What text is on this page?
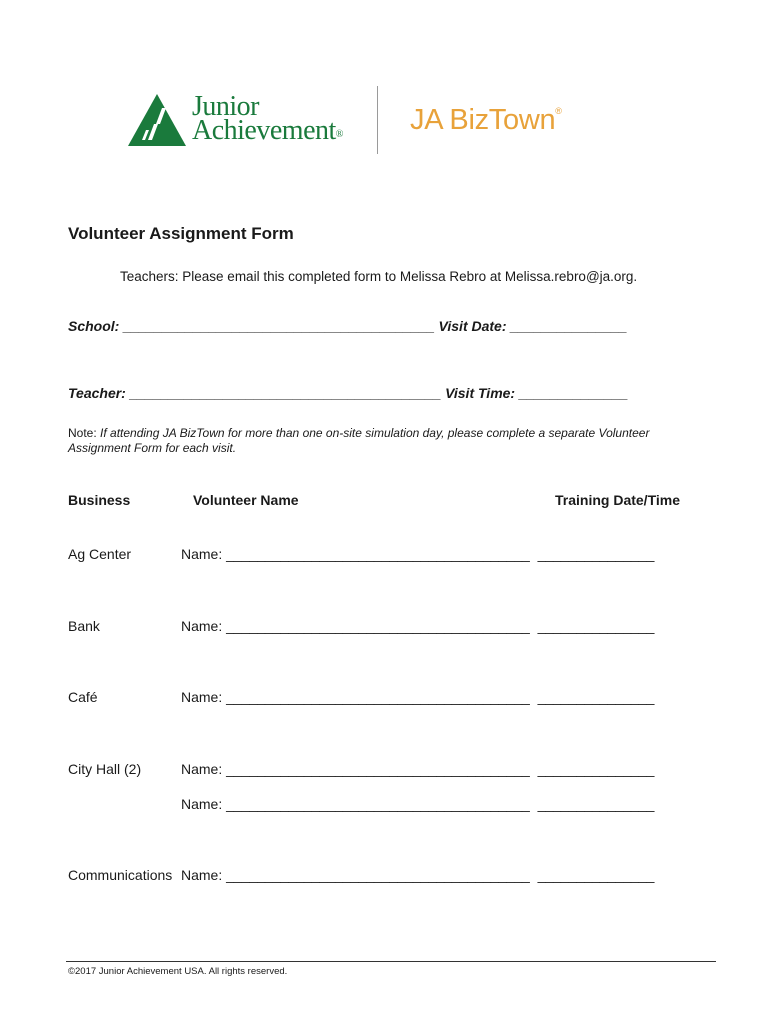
Junior
Achievement® JA BizTown®
Volunteer Assignment Form
Teachers: Please email this completed form to Melissa Rebro at Melissa.rebro@ja.org.
School: ________________________________________ Visit Date: _______________
Teacher: ________________________________________ Visit Time: ______________
Note: If attending JA BizTown for more than one on-site simulation day, please complete a separate Volunteer Assignment Form for each visit.
Business	Volunteer Name	Training Date/Time
Ag Center	Name: _______________________________________  _______________
Bank	Name: _______________________________________  _______________
Café	Name: _______________________________________  _______________
City Hall (2)	Name: _______________________________________  _______________
Name: _______________________________________  _______________
Communications Name: _______________________________________  _______________
©2017 Junior Achievement USA. All rights reserved.
